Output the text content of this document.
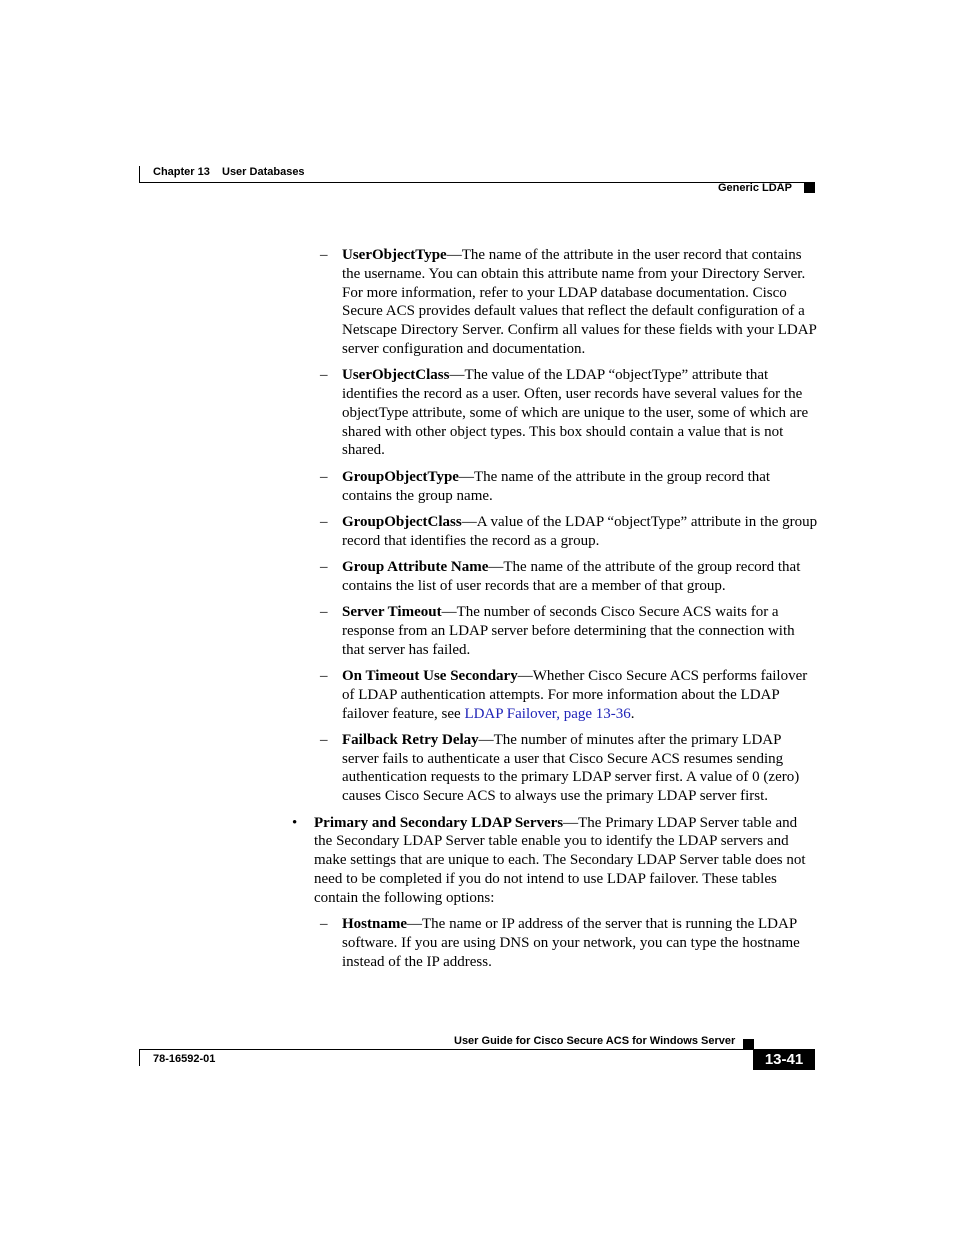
Chapter 13 User Databases
Generic LDAP
– UserObjectType—The name of the attribute in the user record that contains the username. You can obtain this attribute name from your Directory Server. For more information, refer to your LDAP database documentation. Cisco Secure ACS provides default values that reflect the default configuration of a Netscape Directory Server. Confirm all values for these fields with your LDAP server configuration and documentation.
– UserObjectClass—The value of the LDAP “objectType” attribute that identifies the record as a user. Often, user records have several values for the objectType attribute, some of which are unique to the user, some of which are shared with other object types. This box should contain a value that is not shared.
– GroupObjectType—The name of the attribute in the group record that contains the group name.
– GroupObjectClass—A value of the LDAP “objectType” attribute in the group record that identifies the record as a group.
– Group Attribute Name—The name of the attribute of the group record that contains the list of user records that are a member of that group.
– Server Timeout—The number of seconds Cisco Secure ACS waits for a response from an LDAP server before determining that the connection with that server has failed.
– On Timeout Use Secondary—Whether Cisco Secure ACS performs failover of LDAP authentication attempts. For more information about the LDAP failover feature, see LDAP Failover, page 13-36.
– Failback Retry Delay—The number of minutes after the primary LDAP server fails to authenticate a user that Cisco Secure ACS resumes sending authentication requests to the primary LDAP server first. A value of 0 (zero) causes Cisco Secure ACS to always use the primary LDAP server first.
• Primary and Secondary LDAP Servers—The Primary LDAP Server table and the Secondary LDAP Server table enable you to identify the LDAP servers and make settings that are unique to each. The Secondary LDAP Server table does not need to be completed if you do not intend to use LDAP failover. These tables contain the following options:
– Hostname—The name or IP address of the server that is running the LDAP software. If you are using DNS on your network, you can type the hostname instead of the IP address.
User Guide for Cisco Secure ACS for Windows Server
78-16592-01	13-41
